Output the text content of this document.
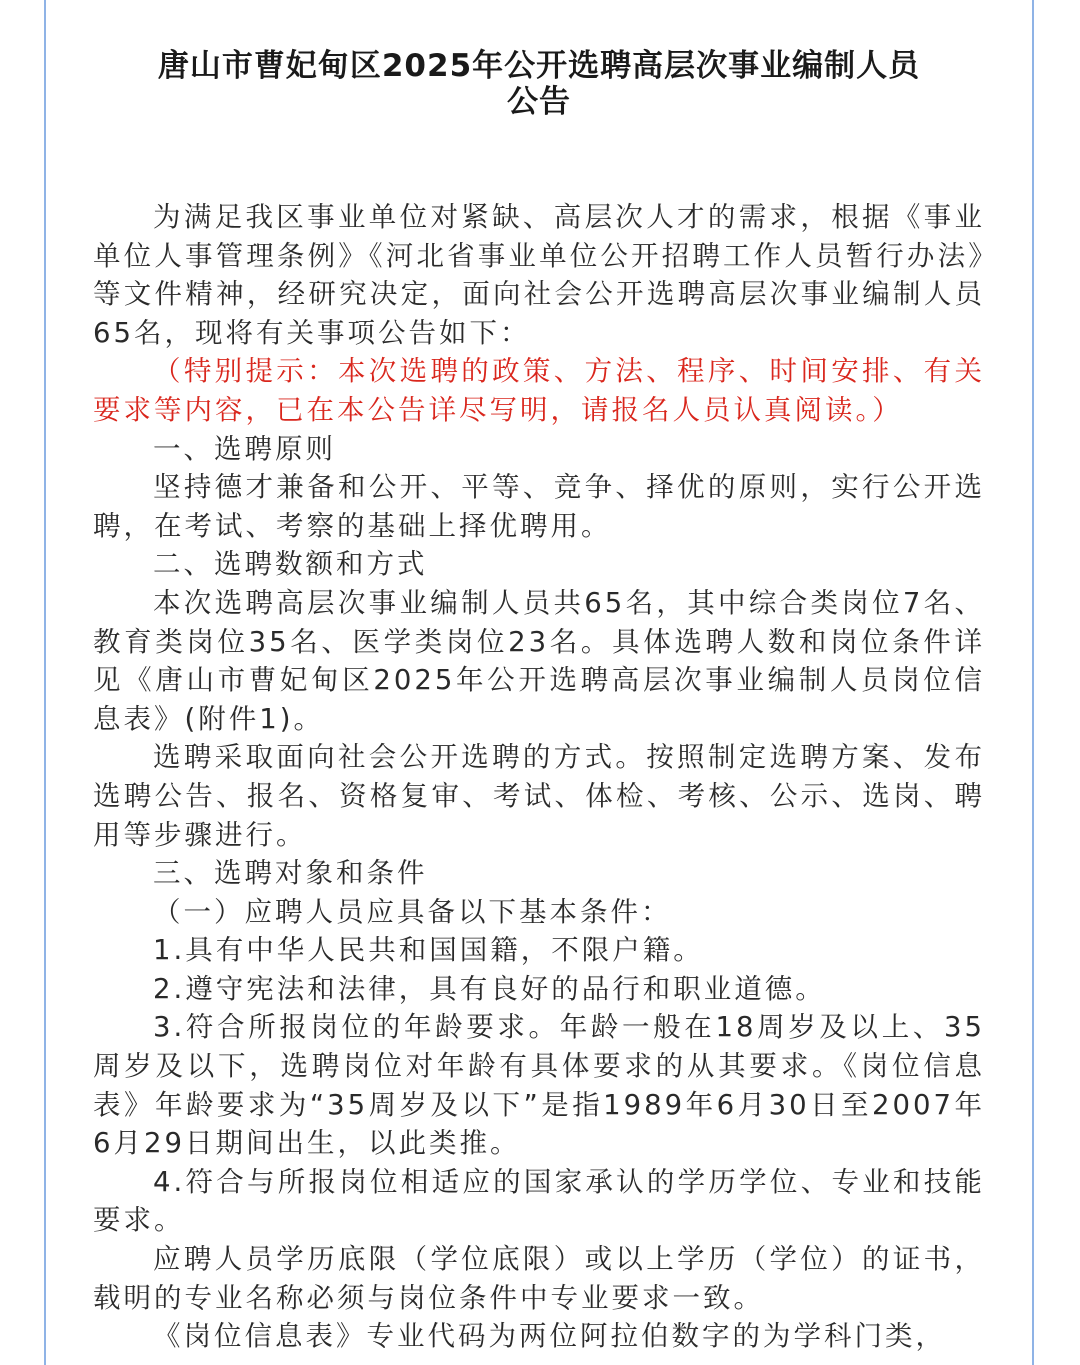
唐山市曹妃甸区2025年公开选聘高层次事业编制人员
公告

为满足我区事业单位对紧缺、高层次人才的需求，根据《事业单位人事管理条例》《河北省事业单位公开招聘工作人员暂行办法》等文件精神，经研究决定，面向社会公开选聘高层次事业编制人员65名，现将有关事项公告如下：

（特别提示：本次选聘的政策、方法、程序、时间安排、有关要求等内容，已在本公告详尽写明，请报名人员认真阅读。）

一、选聘原则

坚持德才兼备和公开、平等、竞争、择优的原则，实行公开选聘，在考试、考察的基础上择优聘用。

二、选聘数额和方式

本次选聘高层次事业编制人员共65名，其中综合类岗位7名、教育类岗位35名、医学类岗位23名。具体选聘人数和岗位条件详见《唐山市曹妃甸区2025年公开选聘高层次事业编制人员岗位信息表》(附件1)。

选聘采取面向社会公开选聘的方式。按照制定选聘方案、发布选聘公告、报名、资格复审、考试、体检、考核、公示、选岗、聘用等步骤进行。

三、选聘对象和条件

（一）应聘人员应具备以下基本条件：

1.具有中华人民共和国国籍，不限户籍。

2.遵守宪法和法律，具有良好的品行和职业道德。

3.符合所报岗位的年龄要求。年龄一般在18周岁及以上、35周岁及以下，选聘岗位对年龄有具体要求的从其要求。《岗位信息表》年龄要求为“35周岁及以下”是指1989年6月30日至2007年6月29日期间出生，以此类推。

4.符合与所报岗位相适应的国家承认的学历学位、专业和技能要求。

应聘人员学历底限（学位底限）或以上学历（学位）的证书，载明的专业名称必须与岗位条件中专业要求一致。

《岗位信息表》专业代码为两位阿拉伯数字的为学科门类，
